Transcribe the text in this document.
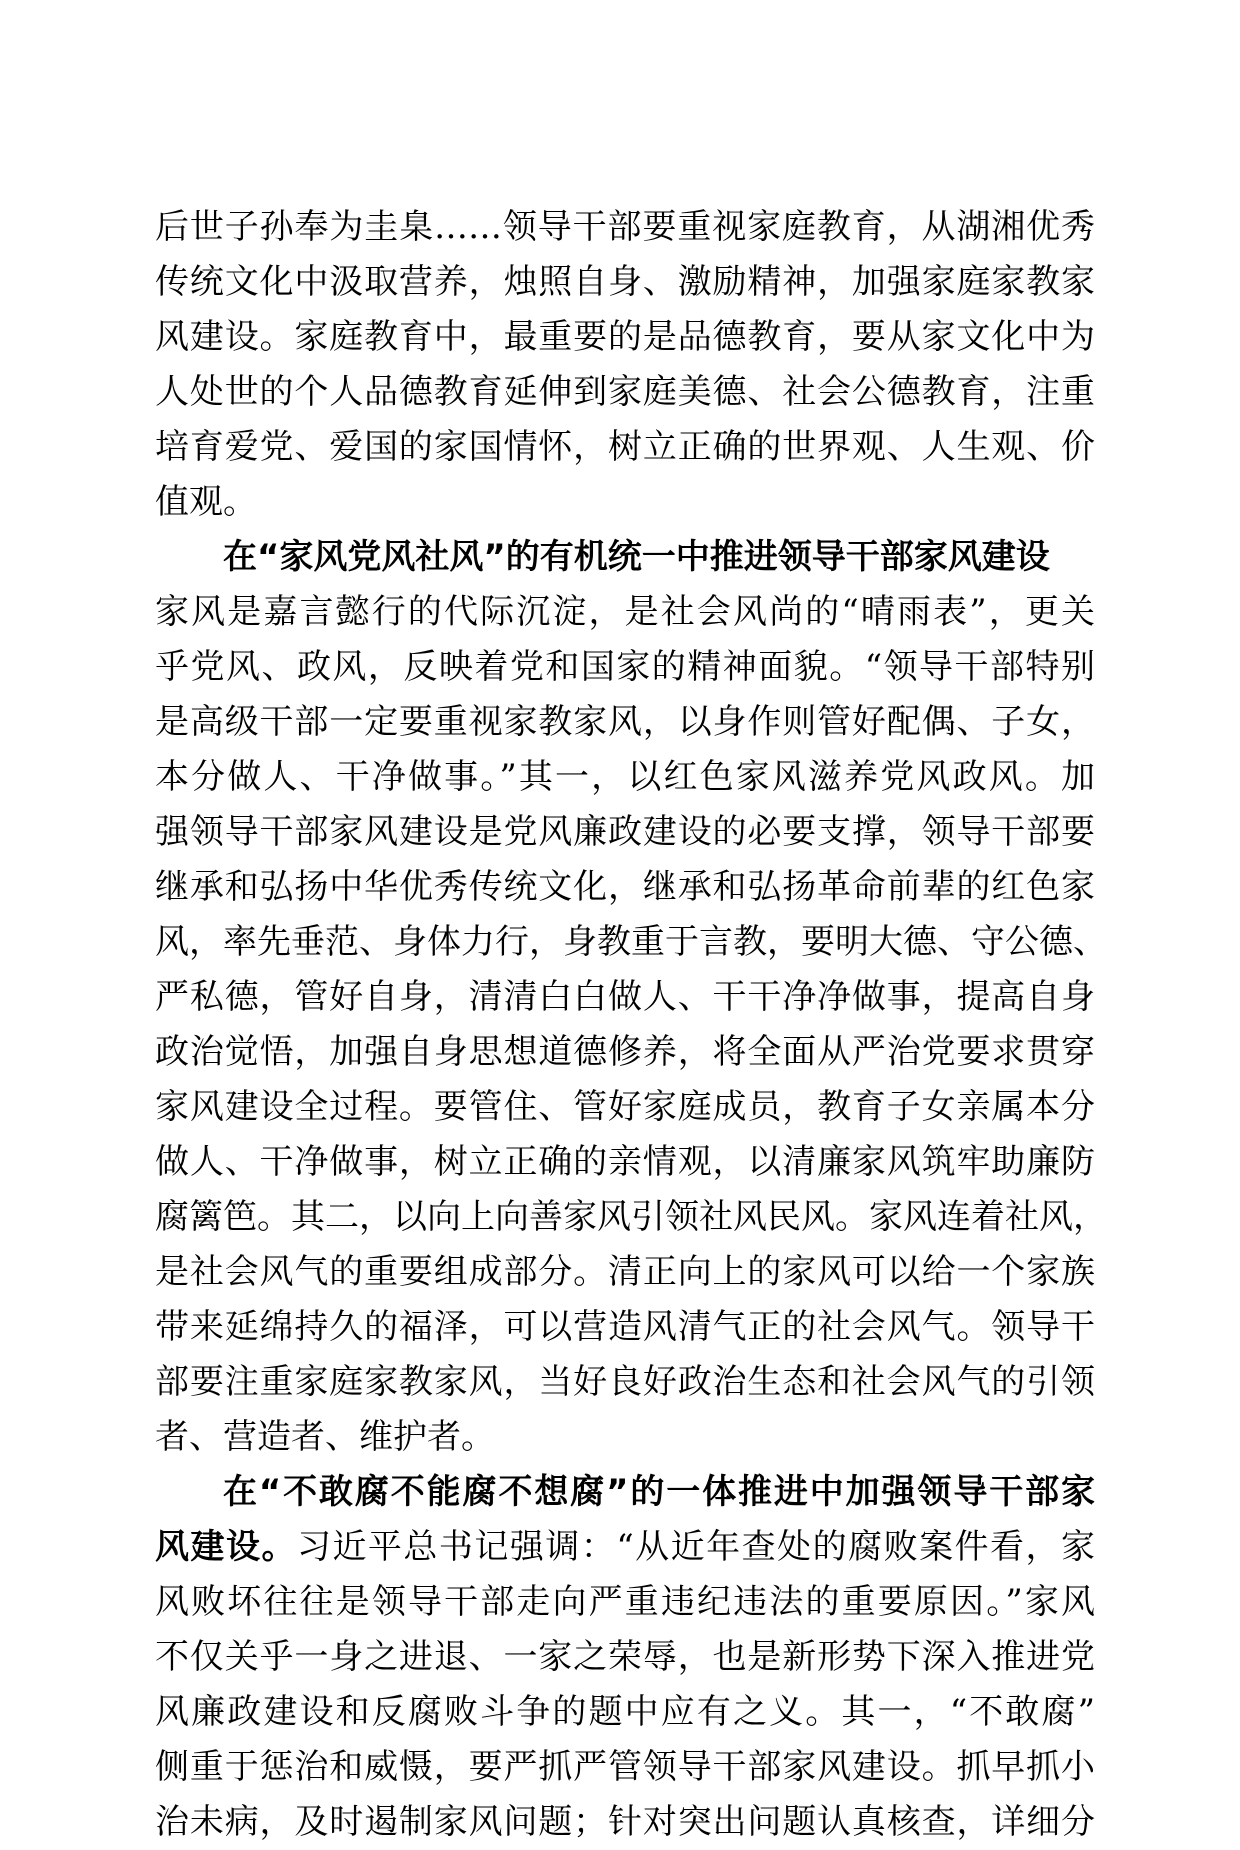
后世子孙奉为圭臬……领导干部要重视家庭教育，从湖湘优秀
传统文化中汲取营养，烛照自身、激励精神，加强家庭家教家
风建设。家庭教育中，最重要的是品德教育，要从家文化中为
人处世的个人品德教育延伸到家庭美德、社会公德教育，注重
培育爱党、爱国的家国情怀，树立正确的世界观、人生观、价
值观。
在“家风党风社风”的有机统一中推进领导干部家风建设
家风是嘉言懿行的代际沉淀，是社会风尚的“晴雨表”，更关
乎党风、政风，反映着党和国家的精神面貌。“领导干部特别
是高级干部一定要重视家教家风，以身作则管好配偶、子女，
本分做人、干净做事。”其一，以红色家风滋养党风政风。加
强领导干部家风建设是党风廉政建设的必要支撑，领导干部要
继承和弘扬中华优秀传统文化，继承和弘扬革命前辈的红色家
风，率先垂范、身体力行，身教重于言教，要明大德、守公德、
严私德，管好自身，清清白白做人、干干净净做事，提高自身
政治觉悟，加强自身思想道德修养，将全面从严治党要求贯穿
家风建设全过程。要管住、管好家庭成员，教育子女亲属本分
做人、干净做事，树立正确的亲情观，以清廉家风筑牢助廉防
腐篱笆。其二，以向上向善家风引领社风民风。家风连着社风，
是社会风气的重要组成部分。清正向上的家风可以给一个家族
带来延绵持久的福泽，可以营造风清气正的社会风气。领导干
部要注重家庭家教家风，当好良好政治生态和社会风气的引领
者、营造者、维护者。
在“不敢腐不能腐不想腐”的一体推进中加强领导干部家
风建设。习近平总书记强调：“从近年查处的腐败案件看，家
风败坏往往是领导干部走向严重违纪违法的重要原因。”家风
不仅关乎一身之进退、一家之荣辱，也是新形势下深入推进党
风廉政建设和反腐败斗争的题中应有之义。其一，“不敢腐”
侧重于惩治和威慑，要严抓严管领导干部家风建设。抓早抓小
治未病，及时遏制家风问题；针对突出问题认真核查，详细分
